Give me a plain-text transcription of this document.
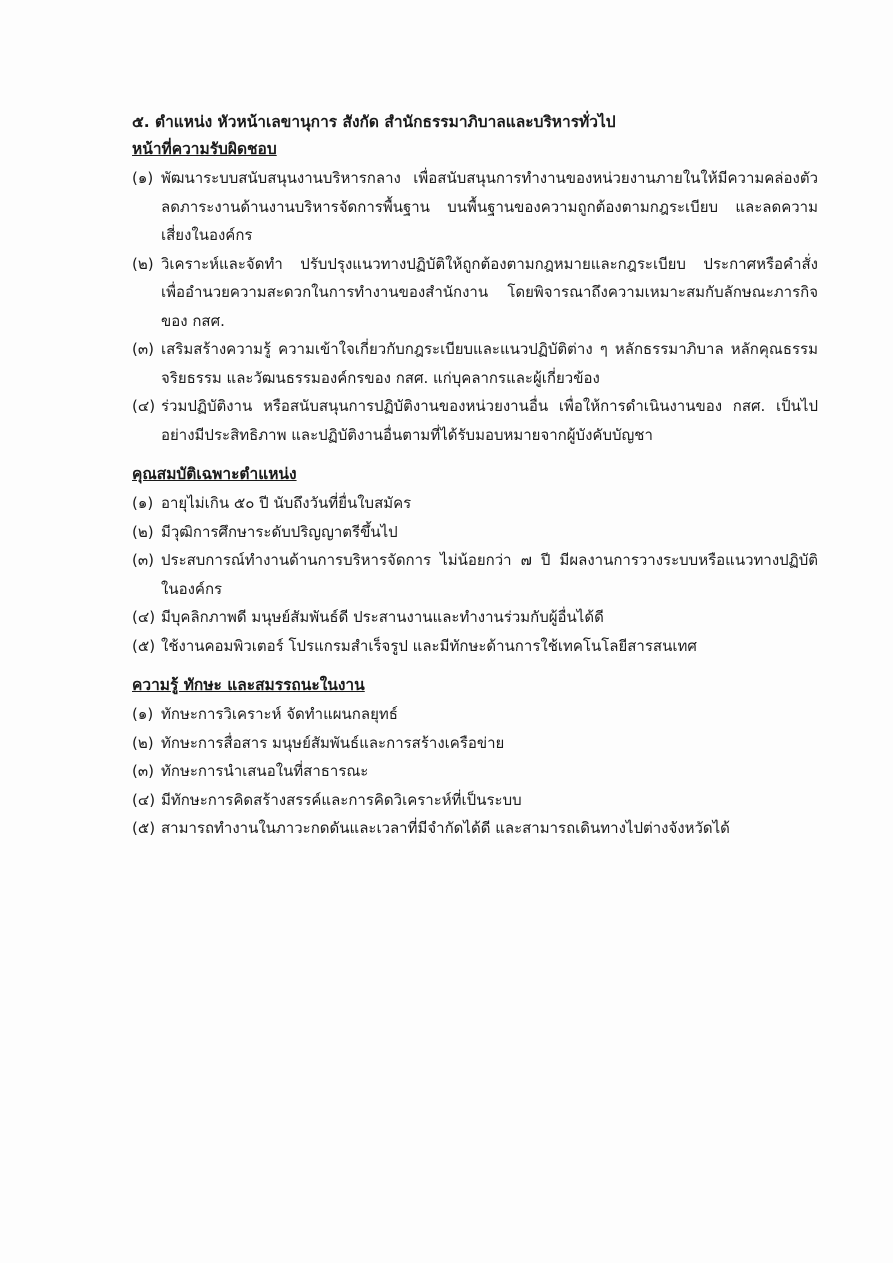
๕. ตำแหน่ง หัวหน้าเลขานุการ สังกัด สำนักธรรมาภิบาลและบริหารทั่วไป

หน้าที่ความรับผิดชอบ

(๑) พัฒนาระบบสนับสนุนงานบริหารกลาง เพื่อสนับสนุนการทำงานของหน่วยงานภายในให้มีความคล่องตัว ลดภาระงานด้านงานบริหารจัดการพื้นฐาน บนพื้นฐานของความถูกต้องตามกฎระเบียบ และลดความเสี่ยงในองค์กร
(๒) วิเคราะห์และจัดทำ ปรับปรุงแนวทางปฏิบัติให้ถูกต้องตามกฎหมายและกฎระเบียบ ประกาศหรือคำสั่ง เพื่ออำนวยความสะดวกในการทำงานของสำนักงาน โดยพิจารณาถึงความเหมาะสมกับลักษณะภารกิจของ กสศ.
(๓) เสริมสร้างความรู้ ความเข้าใจเกี่ยวกับกฎระเบียบและแนวปฏิบัติต่าง ๆ หลักธรรมาภิบาล หลักคุณธรรม จริยธรรม และวัฒนธรรมองค์กรของ กสศ. แก่บุคลากรและผู้เกี่ยวข้อง
(๔) ร่วมปฏิบัติงาน หรือสนับสนุนการปฏิบัติงานของหน่วยงานอื่น เพื่อให้การดำเนินงานของ กสศ. เป็นไปอย่างมีประสิทธิภาพ และปฏิบัติงานอื่นตามที่ได้รับมอบหมายจากผู้บังคับบัญชา

คุณสมบัติเฉพาะตำแหน่ง

(๑) อายุไม่เกิน ๕๐ ปี นับถึงวันที่ยื่นใบสมัคร
(๒) มีวุฒิการศึกษาระดับปริญญาตรีขึ้นไป
(๓) ประสบการณ์ทำงานด้านการบริหารจัดการ ไม่น้อยกว่า ๗ ปี มีผลงานการวางระบบหรือแนวทางปฏิบัติในองค์กร
(๔) มีบุคลิกภาพดี มนุษย์สัมพันธ์ดี ประสานงานและทำงานร่วมกับผู้อื่นได้ดี
(๕) ใช้งานคอมพิวเตอร์ โปรแกรมสำเร็จรูป และมีทักษะด้านการใช้เทคโนโลยีสารสนเทศ

ความรู้ ทักษะ และสมรรถนะในงาน

(๑) ทักษะการวิเคราะห์ จัดทำแผนกลยุทธ์
(๒) ทักษะการสื่อสาร มนุษย์สัมพันธ์และการสร้างเครือข่าย
(๓) ทักษะการนำเสนอในที่สาธารณะ
(๔) มีทักษะการคิดสร้างสรรค์และการคิดวิเคราะห์ที่เป็นระบบ
(๕) สามารถทำงานในภาวะกดดันและเวลาที่มีจำกัดได้ดี และสามารถเดินทางไปต่างจังหวัดได้
